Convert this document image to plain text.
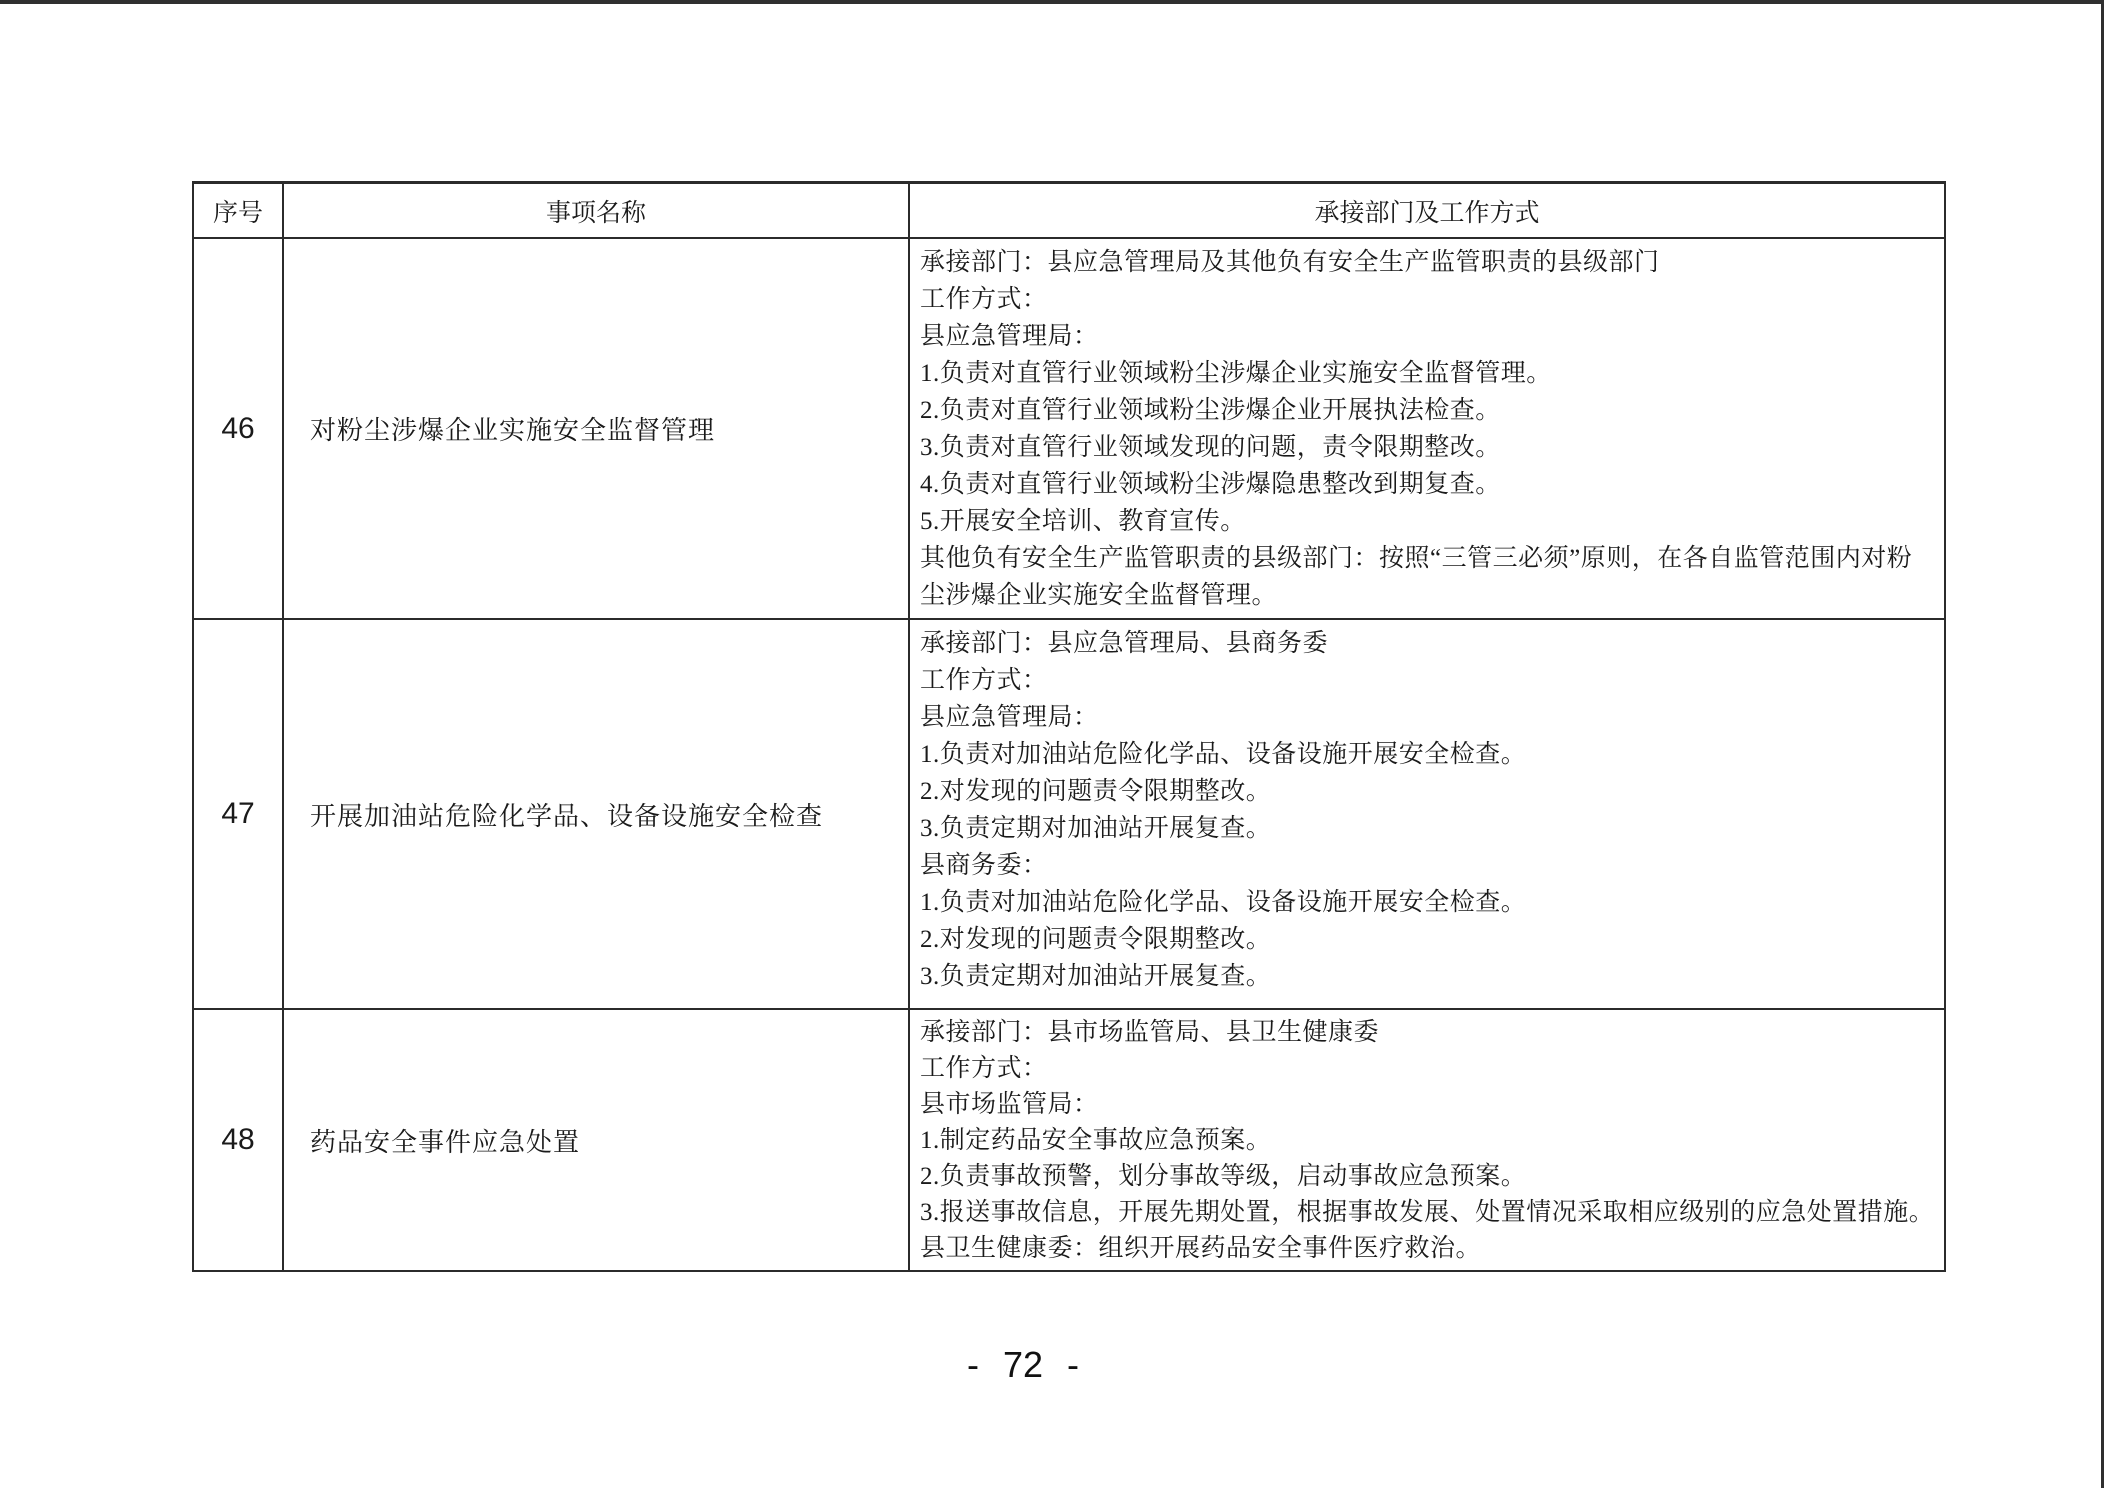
序号	事项名称	承接部门及工作方式
46	对粉尘涉爆企业实施安全监督管理	
承接部门：县应急管理局及其他负有安全生产监管职责的县级部门
工作方式：
县应急管理局：
1.负责对直管行业领域粉尘涉爆企业实施安全监督管理。
2.负责对直管行业领域粉尘涉爆企业开展执法检查。
3.负责对直管行业领域发现的问题，责令限期整改。
4.负责对直管行业领域粉尘涉爆隐患整改到期复查。
5.开展安全培训、教育宣传。
其他负有安全生产监管职责的县级部门：按照“三管三必须”原则，在各自监管范围内对粉尘涉爆企业实施安全监督管理。

47	开展加油站危险化学品、设备设施安全检查	
承接部门：县应急管理局、县商务委
工作方式：
县应急管理局：
1.负责对加油站危险化学品、设备设施开展安全检查。
2.对发现的问题责令限期整改。
3.负责定期对加油站开展复查。
县商务委：
1.负责对加油站危险化学品、设备设施开展安全检查。
2.对发现的问题责令限期整改。
3.负责定期对加油站开展复查。

48	药品安全事件应急处置	
承接部门：县市场监管局、县卫生健康委
工作方式：
县市场监管局：
1.制定药品安全事故应急预案。
2.负责事故预警，划分事故等级，启动事故应急预案。
3.报送事故信息，开展先期处置，根据事故发展、处置情况采取相应级别的应急处置措施。
县卫生健康委：组织开展药品安全事件医疗救治。
- 72 -
